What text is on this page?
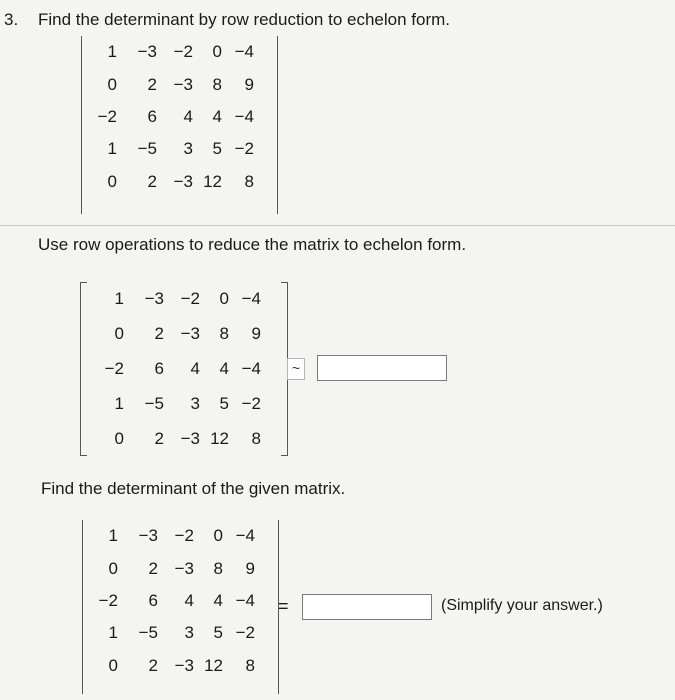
3. Find the determinant by row reduction to echelon form.
1	−3	−2	0	−4
0	2	−3	8	9
−2	6	4	4	−4
1	−5	3	5	−2
0	2	−3	12	8
Use row operations to reduce the matrix to echelon form.
1	−3	−2	0	−4
0	2	−3	8	9
−2	6	4	4	−4
1	−5	3	5	−2
0	2	−3	12	8
~
Find the determinant of the given matrix.
1	−3	−2	0	−4
0	2	−3	8	9
−2	6	4	4	−4
1	−5	3	5	−2
0	2	−3	12	8
=	(Simplify your answer.)
